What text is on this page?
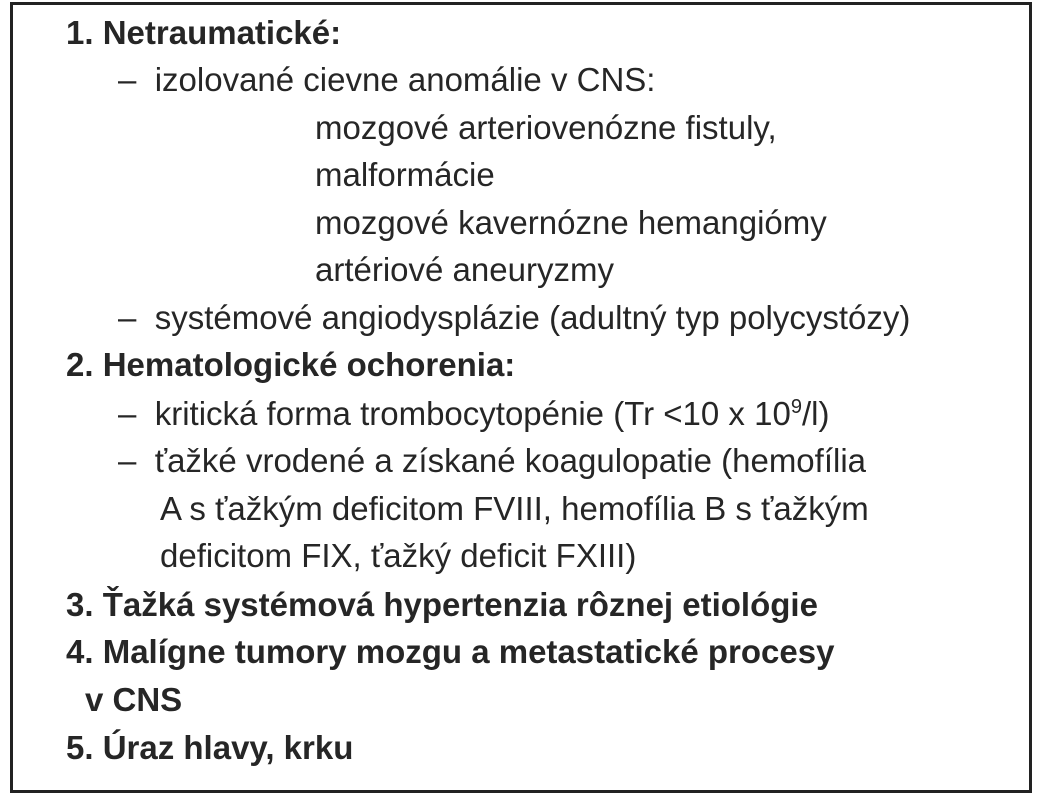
1. Netraumatické:

– izolované cievne anomálie v CNS:

mozgové arteriovenózne fistuly,

malformácie

mozgové kavernózne hemangiómy

artériové aneuryzmy

– systémové angiodysplázie (adultný typ polycystózy)

2. Hematologické ochorenia:

– kritická forma trombocytopénie (Tr <10 x $10^9/l$)

– ťažké vrodené a získané koagulopatie (hemofília

A s ťažkým deficitom FVIII, hemofília B s ťažkým

deficitom FIX, ťažký deficit FXIII)

3. Ťažká systémová hypertenzia rôznej etiológie

4. Malígne tumory mozgu a metastatické procesy

v CNS

5. Úraz hlavy, krku
